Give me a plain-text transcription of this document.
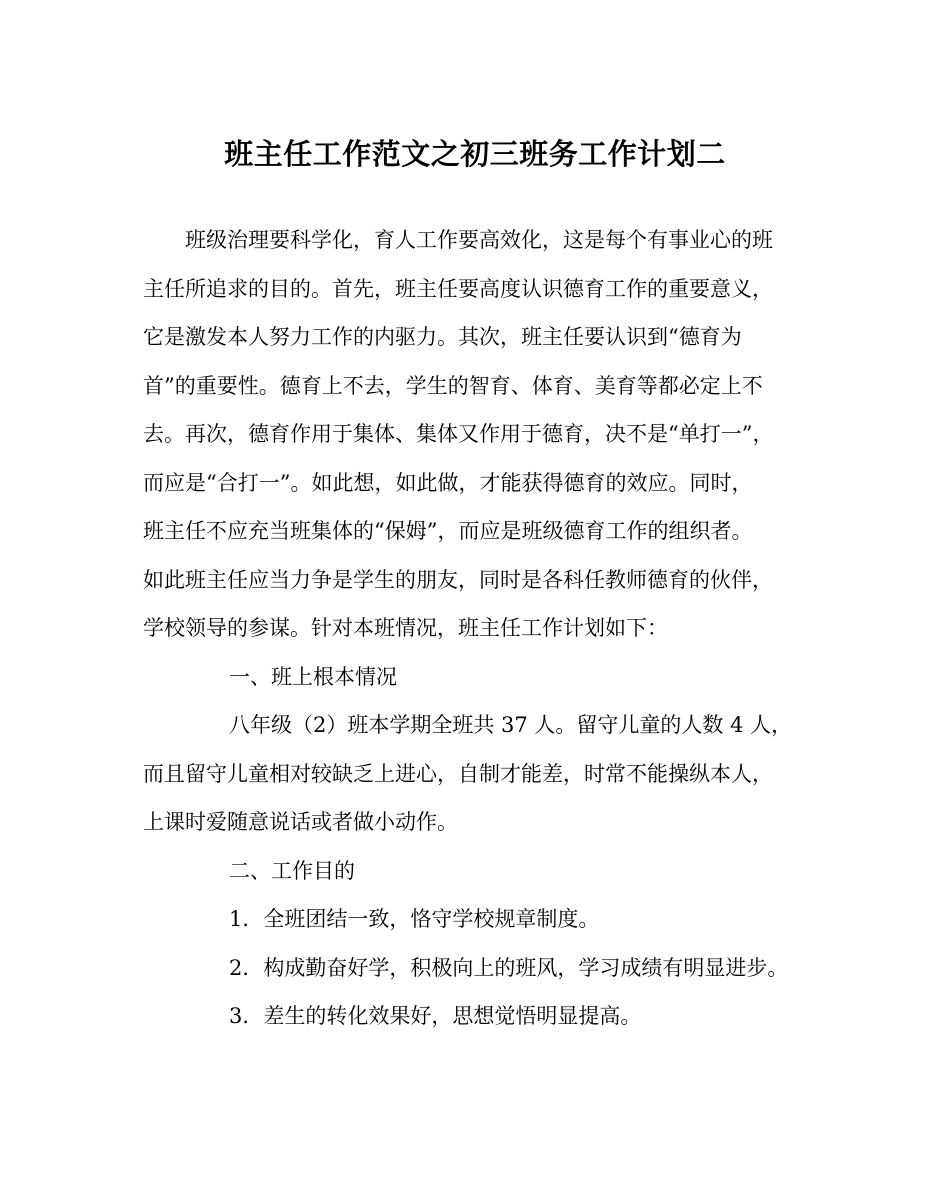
班主任工作范文之初三班务工作计划二

班级治理要科学化，育人工作要高效化，这是每个有事业心的班

主任所追求的目的。首先，班主任要高度认识德育工作的重要意义，

它是激发本人努力工作的内驱力。其次，班主任要认识到“德育为

首”的重要性。德育上不去，学生的智育、体育、美育等都必定上不

去。再次，德育作用于集体、集体又作用于德育，决不是“单打一”，

而应是“合打一”。如此想，如此做，才能获得德育的效应。同时，

班主任不应充当班集体的“保姆”，而应是班级德育工作的组织者。

如此班主任应当力争是学生的朋友，同时是各科任教师德育的伙伴，

学校领导的参谋。针对本班情况，班主任工作计划如下：

一、班上根本情况

八年级（2）班本学期全班共 37 人。留守儿童的人数 4 人，

而且留守儿童相对较缺乏上进心，自制才能差，时常不能操纵本人，

上课时爱随意说话或者做小动作。

二、工作目的

1．全班团结一致，恪守学校规章制度。

2．构成勤奋好学，积极向上的班风，学习成绩有明显进步。

3．差生的转化效果好，思想觉悟明显提高。
